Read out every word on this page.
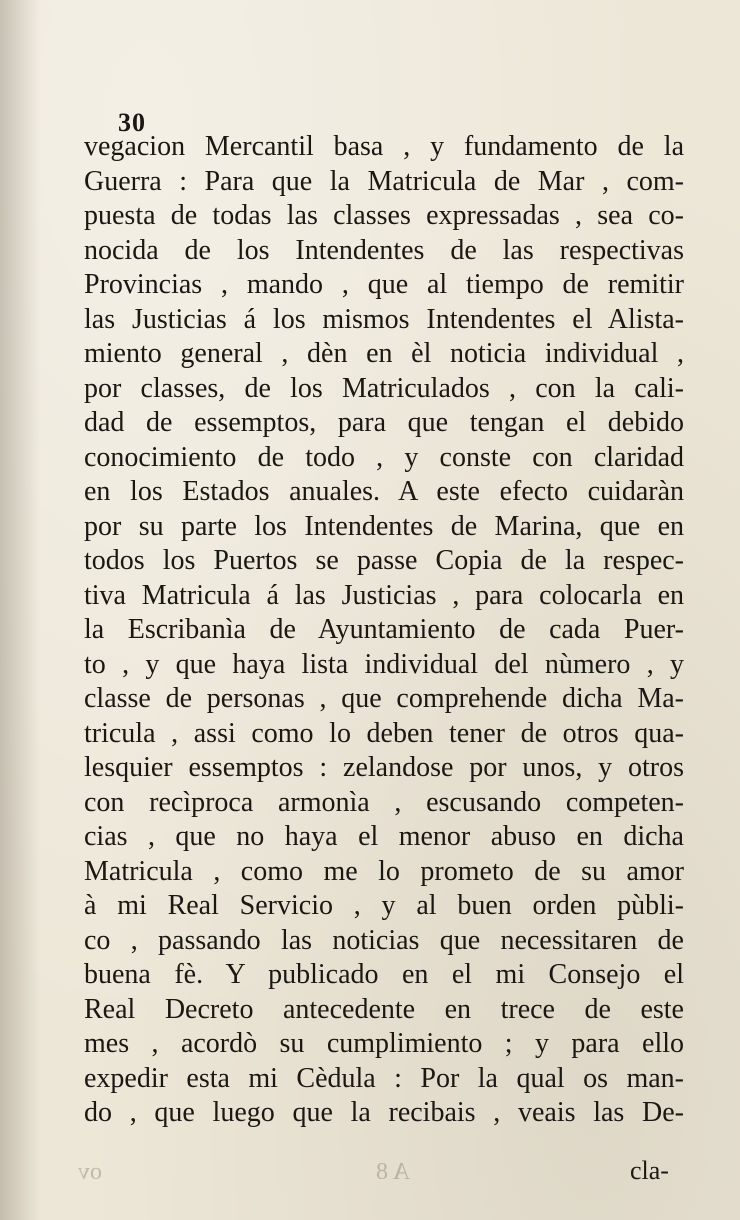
30
vegacion Mercantil basa , y fundamento de la
Guerra : Para que la Matricula de Mar , com-
puesta de todas las classes expressadas , sea co-
nocida de los Intendentes de las respectivas
Provincias , mando , que al tiempo de remitir
las Justicias á los mismos Intendentes el Alista-
miento general , dèn en èl noticia individual ,
por classes, de los Matriculados , con la cali-
dad de essemptos, para que tengan el debido
conocimiento de todo , y conste con claridad
en los Estados anuales. A este efecto cuidaràn
por su parte los Intendentes de Marina, que en
todos los Puertos se passe Copia de la respec-
tiva Matricula á las Justicias , para colocarla en
la Escribanìa de Ayuntamiento de cada Puer-
to , y que haya lista individual del nùmero , y
classe de personas , que comprehende dicha Ma-
tricula , assi como lo deben tener de otros qua-
lesquier essemptos : zelandose por unos, y otros
con recìproca armonìa , escusando competen-
cias , que no haya el menor abuso en dicha
Matricula , como me lo prometo de su amor
à mi Real Servicio , y al buen orden pùbli-
co , passando las noticias que necessitaren de
buena fè. Y publicado en el mi Consejo el
Real Decreto antecedente en trece de este
mes , acordò su cumplimiento ; y para ello
expedir esta mi Cèdula : Por la qual os man-
do , que luego que la recibais , veais las De-
ov	A 8	cla-
